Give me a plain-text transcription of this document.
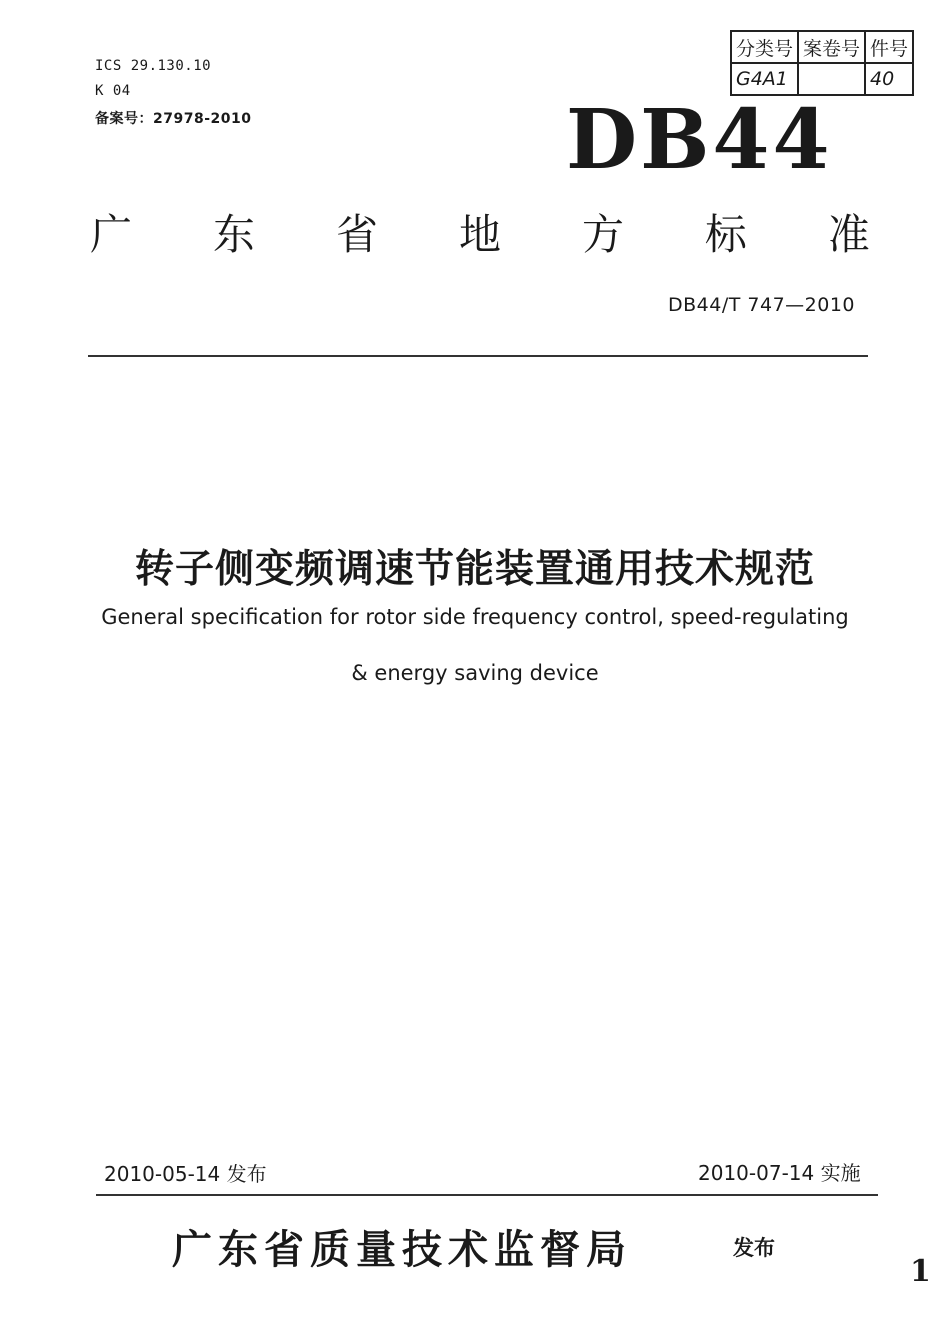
ICS 29.130.10
K 04
备案号：27978-2010
分类号	案卷号	件号
G4A1		40
DB44
广 东 省 地 方 标 准
DB44/T 747—2010
转子侧变频调速节能装置通用技术规范
General specification for rotor side frequency control, speed-regulating
& energy saving device
2010-05-14 发布	2010-07-14 实施
广东省质量技术监督局	发布
1
